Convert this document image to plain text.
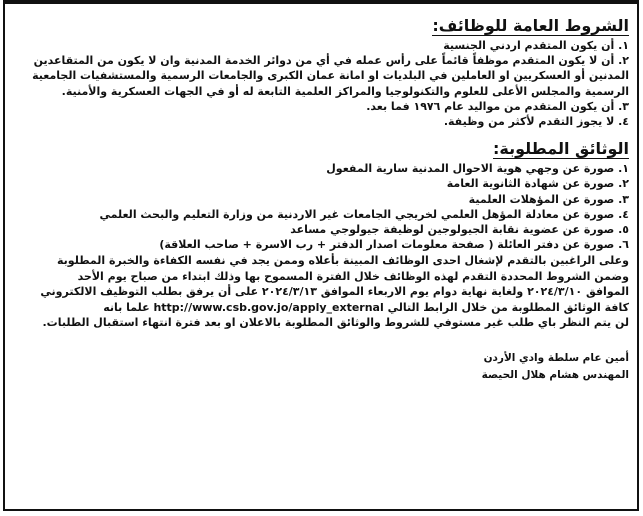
الشروط العامة للوظائف:
١. أن يكون المتقدم اردني الجنسية
٢. أن لا يكون المتقدم موظفاً قائماً على رأس عمله في أي من دوائر الخدمة المدنية وان لا يكون من المتقاعدين المدنين أو العسكريين او العاملين في البلديات او امانة عمان الكبرى والجامعات الرسمية والمستشفيات الجامعية الرسمية والمجلس الأعلى للعلوم والتكنولوجيا والمراكز العلمية التابعة له أو في الجهات العسكرية والأمنية.
٣. أن يكون المتقدم من مواليد عام ١٩٧٦ فما بعد.
٤. لا يجوز التقدم لأكثر من وظيفة.
الوثائق المطلوبة:
١. صورة عن وجهي هوية الاحوال المدنية سارية المفعول
٢. صورة عن شهادة الثانوية العامة
٣. صورة عن المؤهلات العلمية
٤. صورة عن معادلة المؤهل العلمي لخريجي الجامعات غير الاردنية من وزارة التعليم والبحث العلمي
٥. صورة عن عضوية نقابة الجيولوجين لوظيفة جيولوجي مساعد
٦. صورة عن دفتر العائلة ( صفحة معلومات اصدار الدفتر + رب الاسرة + صاحب العلاقة)

وعلى الراغبين بالتقدم لإشغال احدى الوظائف المبينة بأعلاه وممن يجد في نفسه الكفاءة والخبرة المطلوبة

وضمن الشروط المحددة التقدم لهذه الوظائف خلال الفترة المسموح بها وذلك ابتداء من صباح يوم الأحد

الموافق ٢٠٢٤/٣/١٠ ولغاية نهاية دوام يوم الاربعاء الموافق ٢٠٢٤/٣/١٣ على أن يرفق بطلب التوظيف الالكتروني

كافة الوثائق المطلوبة من خلال الرابط التالي http://www.csb.gov.jo/apply_external علما بانه

لن يتم النظر باي طلب غير مستوفي للشروط والوثائق المطلوبة بالاعلان او بعد فترة انتهاء استقبال الطلبات.

أمين عام سلطة وادي الأردن

المهندس هشام هلال الحيصة
